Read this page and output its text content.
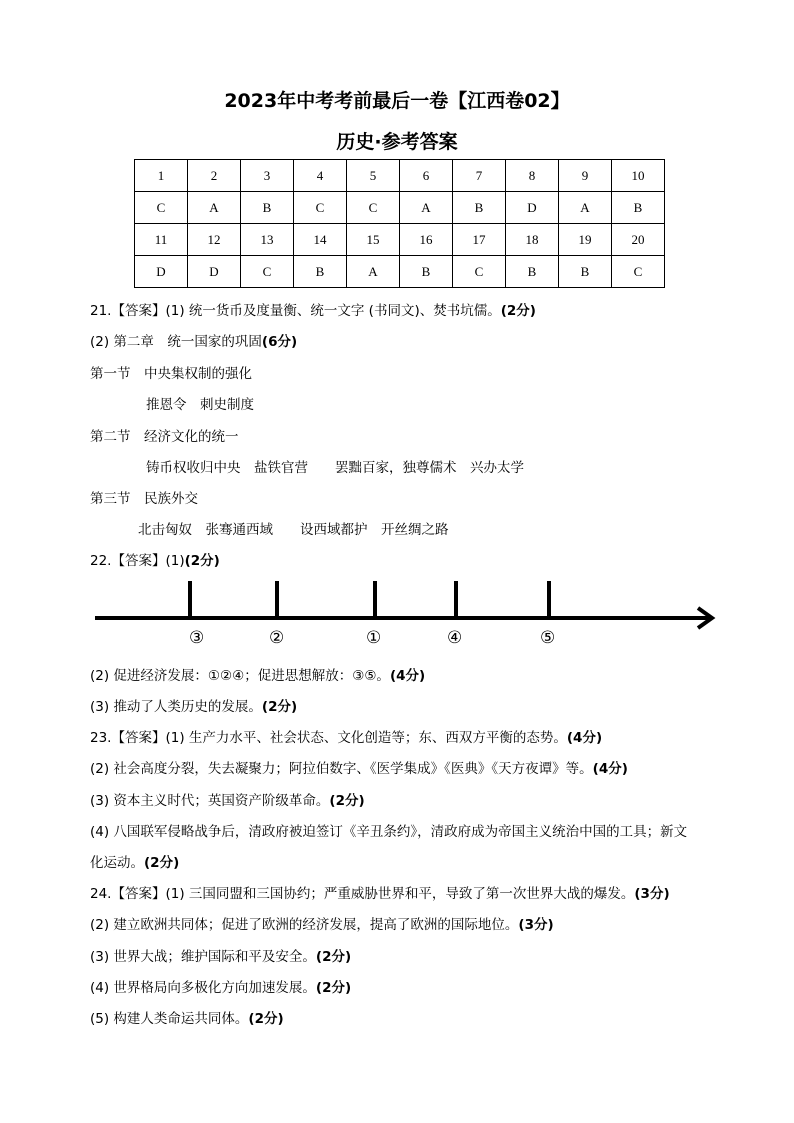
2023年中考考前最后一卷【江西卷02】
历史·参考答案
1	2	3	4	5	6	7	8	9	10
C	A	B	C	C	A	B	D	A	B
11	12	13	14	15	16	17	18	19	20
D	D	C	B	A	B	C	B	B	C
21.【答案】(1) 统一货币及度量衡、统一文字 (书同文)、焚书坑儒。(2分)
(2) 第二章　统一国家的巩固(6分)
第一节　中央集权制的强化
推恩令　刺史制度
第二节　经济文化的统一
铸币权收归中央　盐铁官营　　罢黜百家，独尊儒术　兴办太学
第三节　民族外交
北击匈奴　张骞通西域　　设西域都护　开丝绸之路
22.【答案】(1)(2分)
③	②	①	④	⑤
(2) 促进经济发展：①②④；促进思想解放：③⑤。(4分)
(3) 推动了人类历史的发展。(2分)
23.【答案】(1) 生产力水平、社会状态、文化创造等；东、西双方平衡的态势。(4分)
(2) 社会高度分裂，失去凝聚力；阿拉伯数字、《医学集成》《医典》《天方夜谭》等。(4分)
(3) 资本主义时代；英国资产阶级革命。(2分)
(4) 八国联军侵略战争后，清政府被迫签订《辛丑条约》，清政府成为帝国主义统治中国的工具；新文
化运动。(2分)
24.【答案】(1) 三国同盟和三国协约；严重威胁世界和平，导致了第一次世界大战的爆发。(3分)
(2) 建立欧洲共同体；促进了欧洲的经济发展，提高了欧洲的国际地位。(3分)
(3) 世界大战；维护国际和平及安全。(2分)
(4) 世界格局向多极化方向加速发展。(2分)
(5) 构建人类命运共同体。(2分)
